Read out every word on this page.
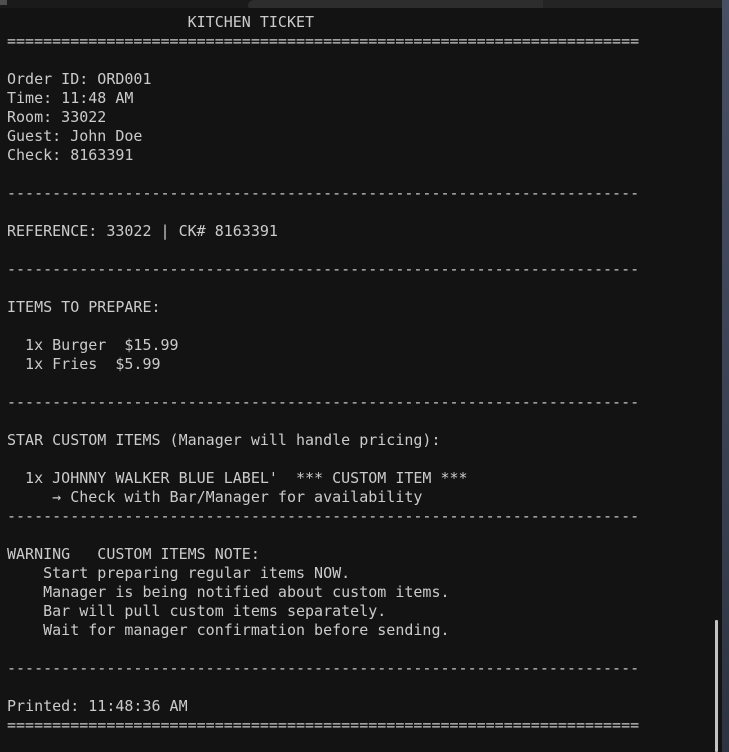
KITCHEN TICKET
======================================================================
Order ID: ORD001
Time: 11:48 AM
Room: 33022
Guest: John Doe
Check: 8163391
----------------------------------------------------------------------
REFERENCE: 33022 | CK# 8163391
----------------------------------------------------------------------
ITEMS TO PREPARE:
1x Burger  $15.99
1x Fries  $5.99
----------------------------------------------------------------------
STAR CUSTOM ITEMS (Manager will handle pricing):
1x JOHNNY WALKER BLUE LABEL'  *** CUSTOM ITEM ***
→ Check with Bar/Manager for availability
----------------------------------------------------------------------
WARNING   CUSTOM ITEMS NOTE:
Start preparing regular items NOW.
Manager is being notified about custom items.
Bar will pull custom items separately.
Wait for manager confirmation before sending.
----------------------------------------------------------------------
Printed: 11:48:36 AM
======================================================================
